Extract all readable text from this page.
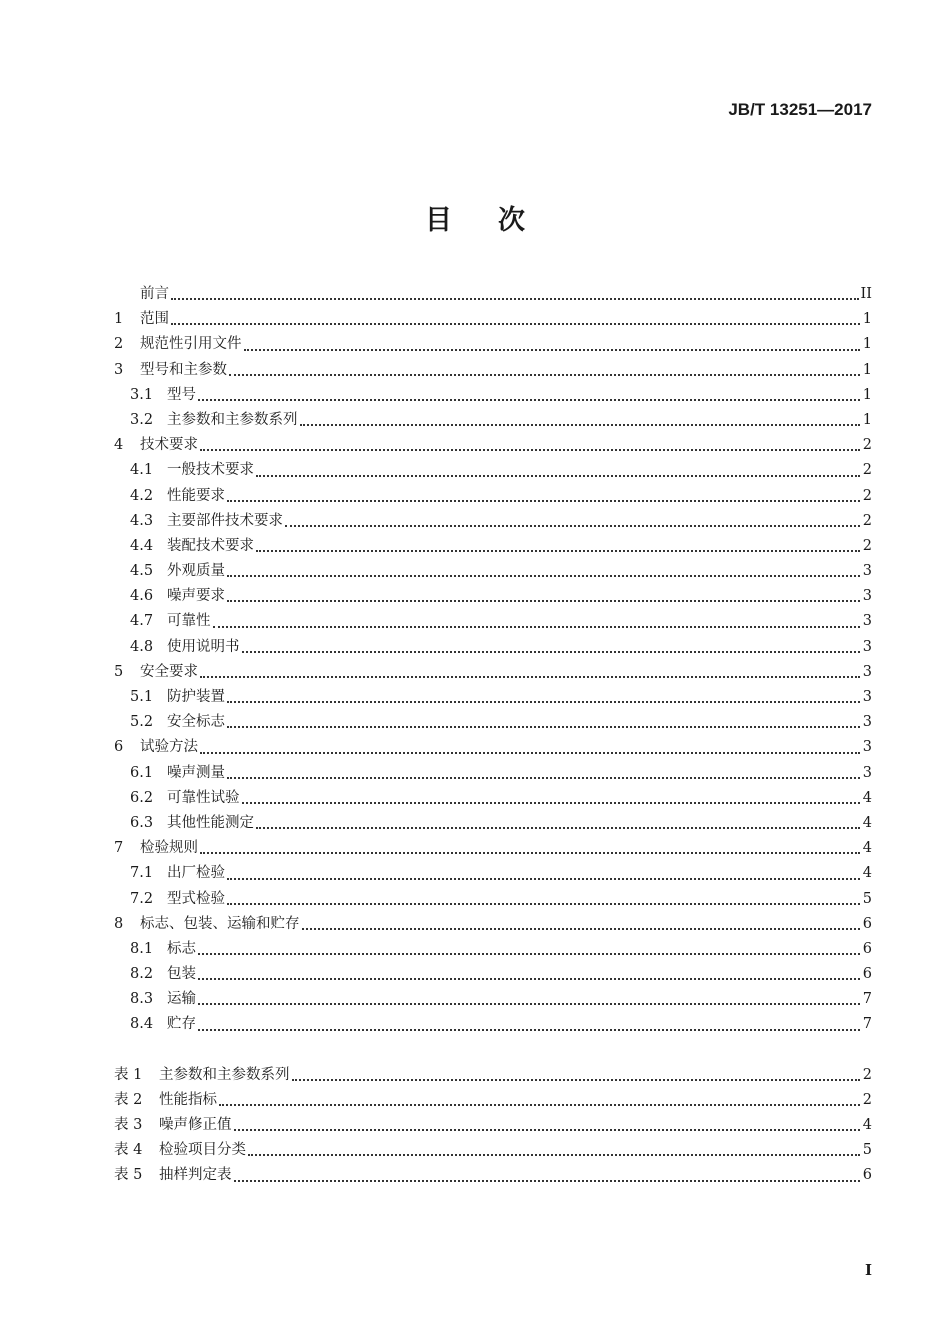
JB/T 13251—2017
目次
前言	II
1	范围	1
2	规范性引用文件	1
3	型号和主参数	1
3.1 型号	1
3.2 主参数和主参数系列	1
4	技术要求	2
4.1 一般技术要求	2
4.2 性能要求	2
4.3 主要部件技术要求	2
4.4 装配技术要求	2
4.5 外观质量	3
4.6 噪声要求	3
4.7 可靠性	3
4.8 使用说明书	3
5	安全要求	3
5.1 防护装置	3
5.2 安全标志	3
6	试验方法	3
6.1 噪声测量	3
6.2 可靠性试验	4
6.3 其他性能测定	4
7	检验规则	4
7.1 出厂检验	4
7.2 型式检验	5
8	标志、包装、运输和贮存	6
8.1 标志	6
8.2 包装	6
8.3 运输	7
8.4 贮存	7
表 1	主参数和主参数系列	2
表 2	性能指标	2
表 3	噪声修正值	4
表 4	检验项目分类	5
表 5	抽样判定表	6
I
